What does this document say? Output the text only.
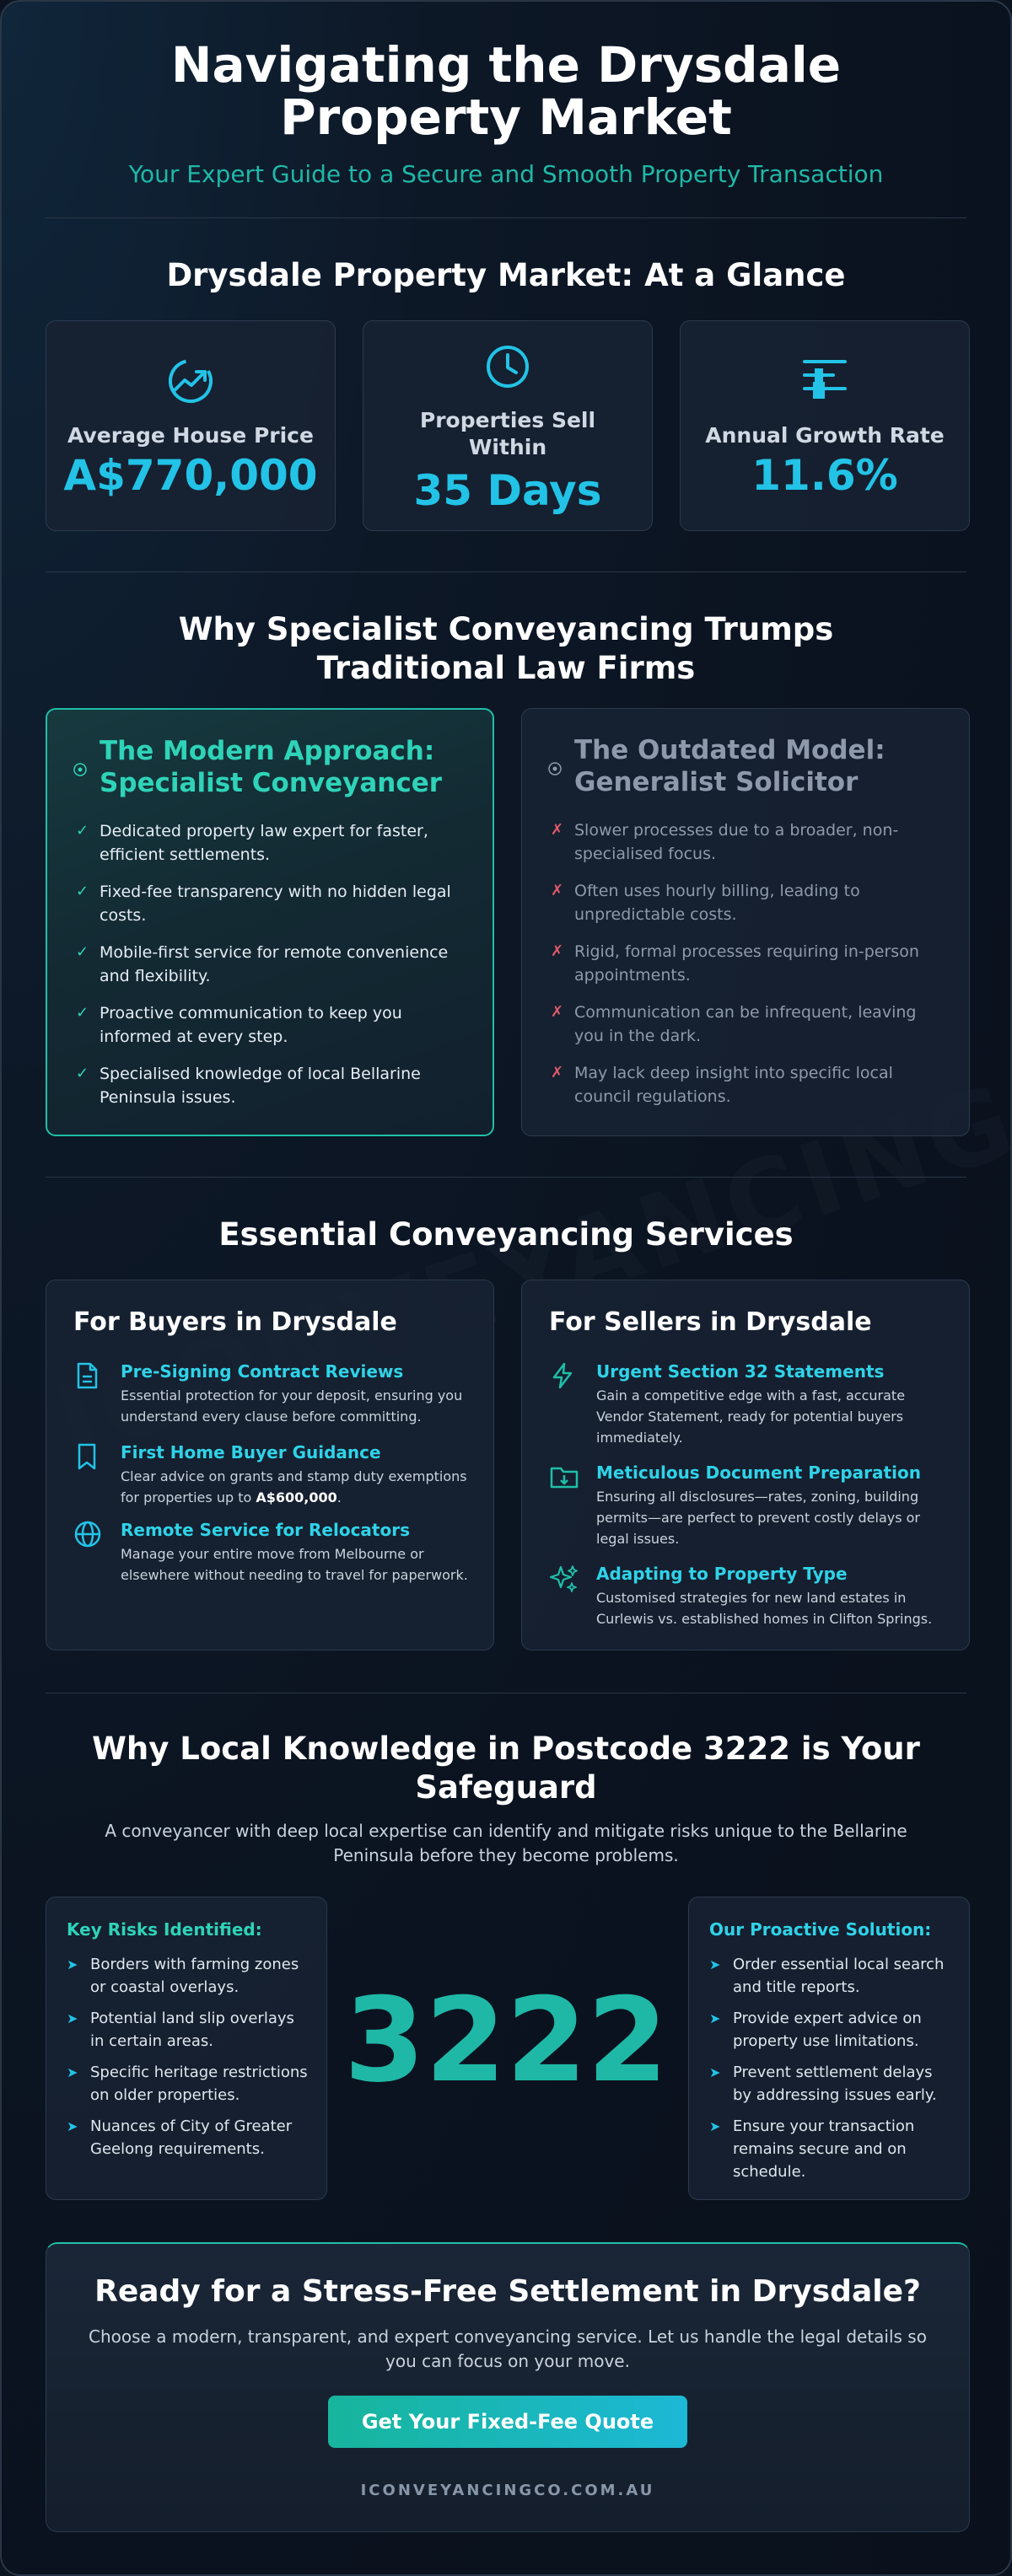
Navigating the Drysdale Property Market
Your Expert Guide to a Secure and Smooth Property Transaction
Drysdale Property Market: At a Glance
Average House Price
A$770,000
Properties Sell Within
35 Days
Annual Growth Rate
11.6%
Why Specialist Conveyancing Trumps Traditional Law Firms
The Modern Approach: Specialist Conveyancer
✓ Dedicated property law expert for faster, efficient settlements.
✓ Fixed-fee transparency with no hidden legal costs.
✓ Mobile-first service for remote convenience and flexibility.
✓ Proactive communication to keep you informed at every step.
✓ Specialised knowledge of local Bellarine Peninsula issues.
The Outdated Model: Generalist Solicitor
✗ Slower processes due to a broader, non-specialised focus.
✗ Often uses hourly billing, leading to unpredictable costs.
✗ Rigid, formal processes requiring in-person appointments.
✗ Communication can be infrequent, leaving you in the dark.
✗ May lack deep insight into specific local council regulations.
Essential Conveyancing Services
For Buyers in Drysdale
Pre-Signing Contract Reviews
Essential protection for your deposit, ensuring you understand every clause before committing.
First Home Buyer Guidance
Clear advice on grants and stamp duty exemptions for properties up to A$600,000.
Remote Service for Relocators
Manage your entire move from Melbourne or elsewhere without needing to travel for paperwork.
For Sellers in Drysdale
Urgent Section 32 Statements
Gain a competitive edge with a fast, accurate Vendor Statement, ready for potential buyers immediately.
Meticulous Document Preparation
Ensuring all disclosures—rates, zoning, building permits—are perfect to prevent costly delays or legal issues.
Adapting to Property Type
Customised strategies for new land estates in Curlewis vs. established homes in Clifton Springs.
Why Local Knowledge in Postcode 3222 is Your Safeguard
A conveyancer with deep local expertise can identify and mitigate risks unique to the Bellarine Peninsula before they become problems.
Key Risks Identified:
➤ Borders with farming zones or coastal overlays.
➤ Potential land slip overlays in certain areas.
➤ Specific heritage restrictions on older properties.
➤ Nuances of City of Greater Geelong requirements.
3222
Our Proactive Solution:
➤ Order essential local search and title reports.
➤ Provide expert advice on property use limitations.
➤ Prevent settlement delays by addressing issues early.
➤ Ensure your transaction remains secure and on schedule.
Ready for a Stress-Free Settlement in Drysdale?
Choose a modern, transparent, and expert conveyancing service. Let us handle the legal details so you can focus on your move.
Get Your Fixed-Fee Quote
ICONVEYANCINGCO.COM.AU
